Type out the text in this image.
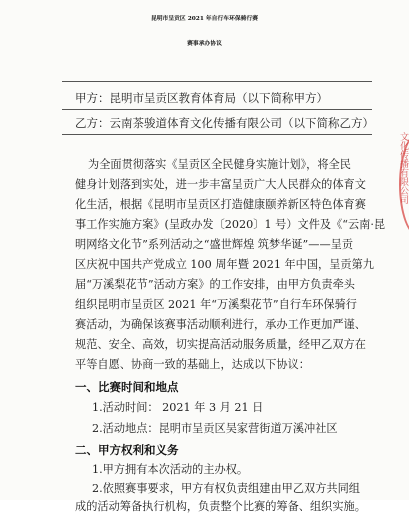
昆明市呈贡区 2021 年自行车环保骑行赛
赛事承办协议
甲方：昆明市呈贡区教育体育局（以下简称甲方）
乙方：云南茶骏道体育文化传播有限公司（以下简称乙方）
为全面贯彻落实《呈贡区全民健身实施计划》，将全民
健身计划落到实处，进一步丰富呈贡广大人民群众的体育文
化生活，根据《昆明市呈贡区打造健康颐养新区特色体育赛
事工作实施方案》(呈政办发〔2020〕1 号）文件及《“云南·昆
明网络文化节”系列活动之“盛世辉煌 筑梦华诞”——呈贡
区庆祝中国共产党成立 100 周年暨 2021 年中国，呈贡第九
届“万溪梨花节”活动方案》的工作安排，由甲方负责牵头
组织昆明市呈贡区 2021 年“万溪梨花节”自行车环保骑行
赛活动，为确保该赛事活动顺利进行，承办工作更加严谨、
规范、安全、高效，切实提高活动服务质量，经甲乙双方在
平等自愿、协商一致的基础上，达成以下协议：
一、比赛时间和地点
1.活动时间： 2021 年 3 月 21 日
2.活动地点：昆明市呈贡区吴家营街道万溪冲社区
二、甲方权利和义务
1.甲方拥有本次活动的主办权。
2.依照赛事要求，甲方有权负责组建由甲乙双方共同组
成的活动筹备执行机构，负责整个比赛的筹备、组织实施。
文化传播有限公司
